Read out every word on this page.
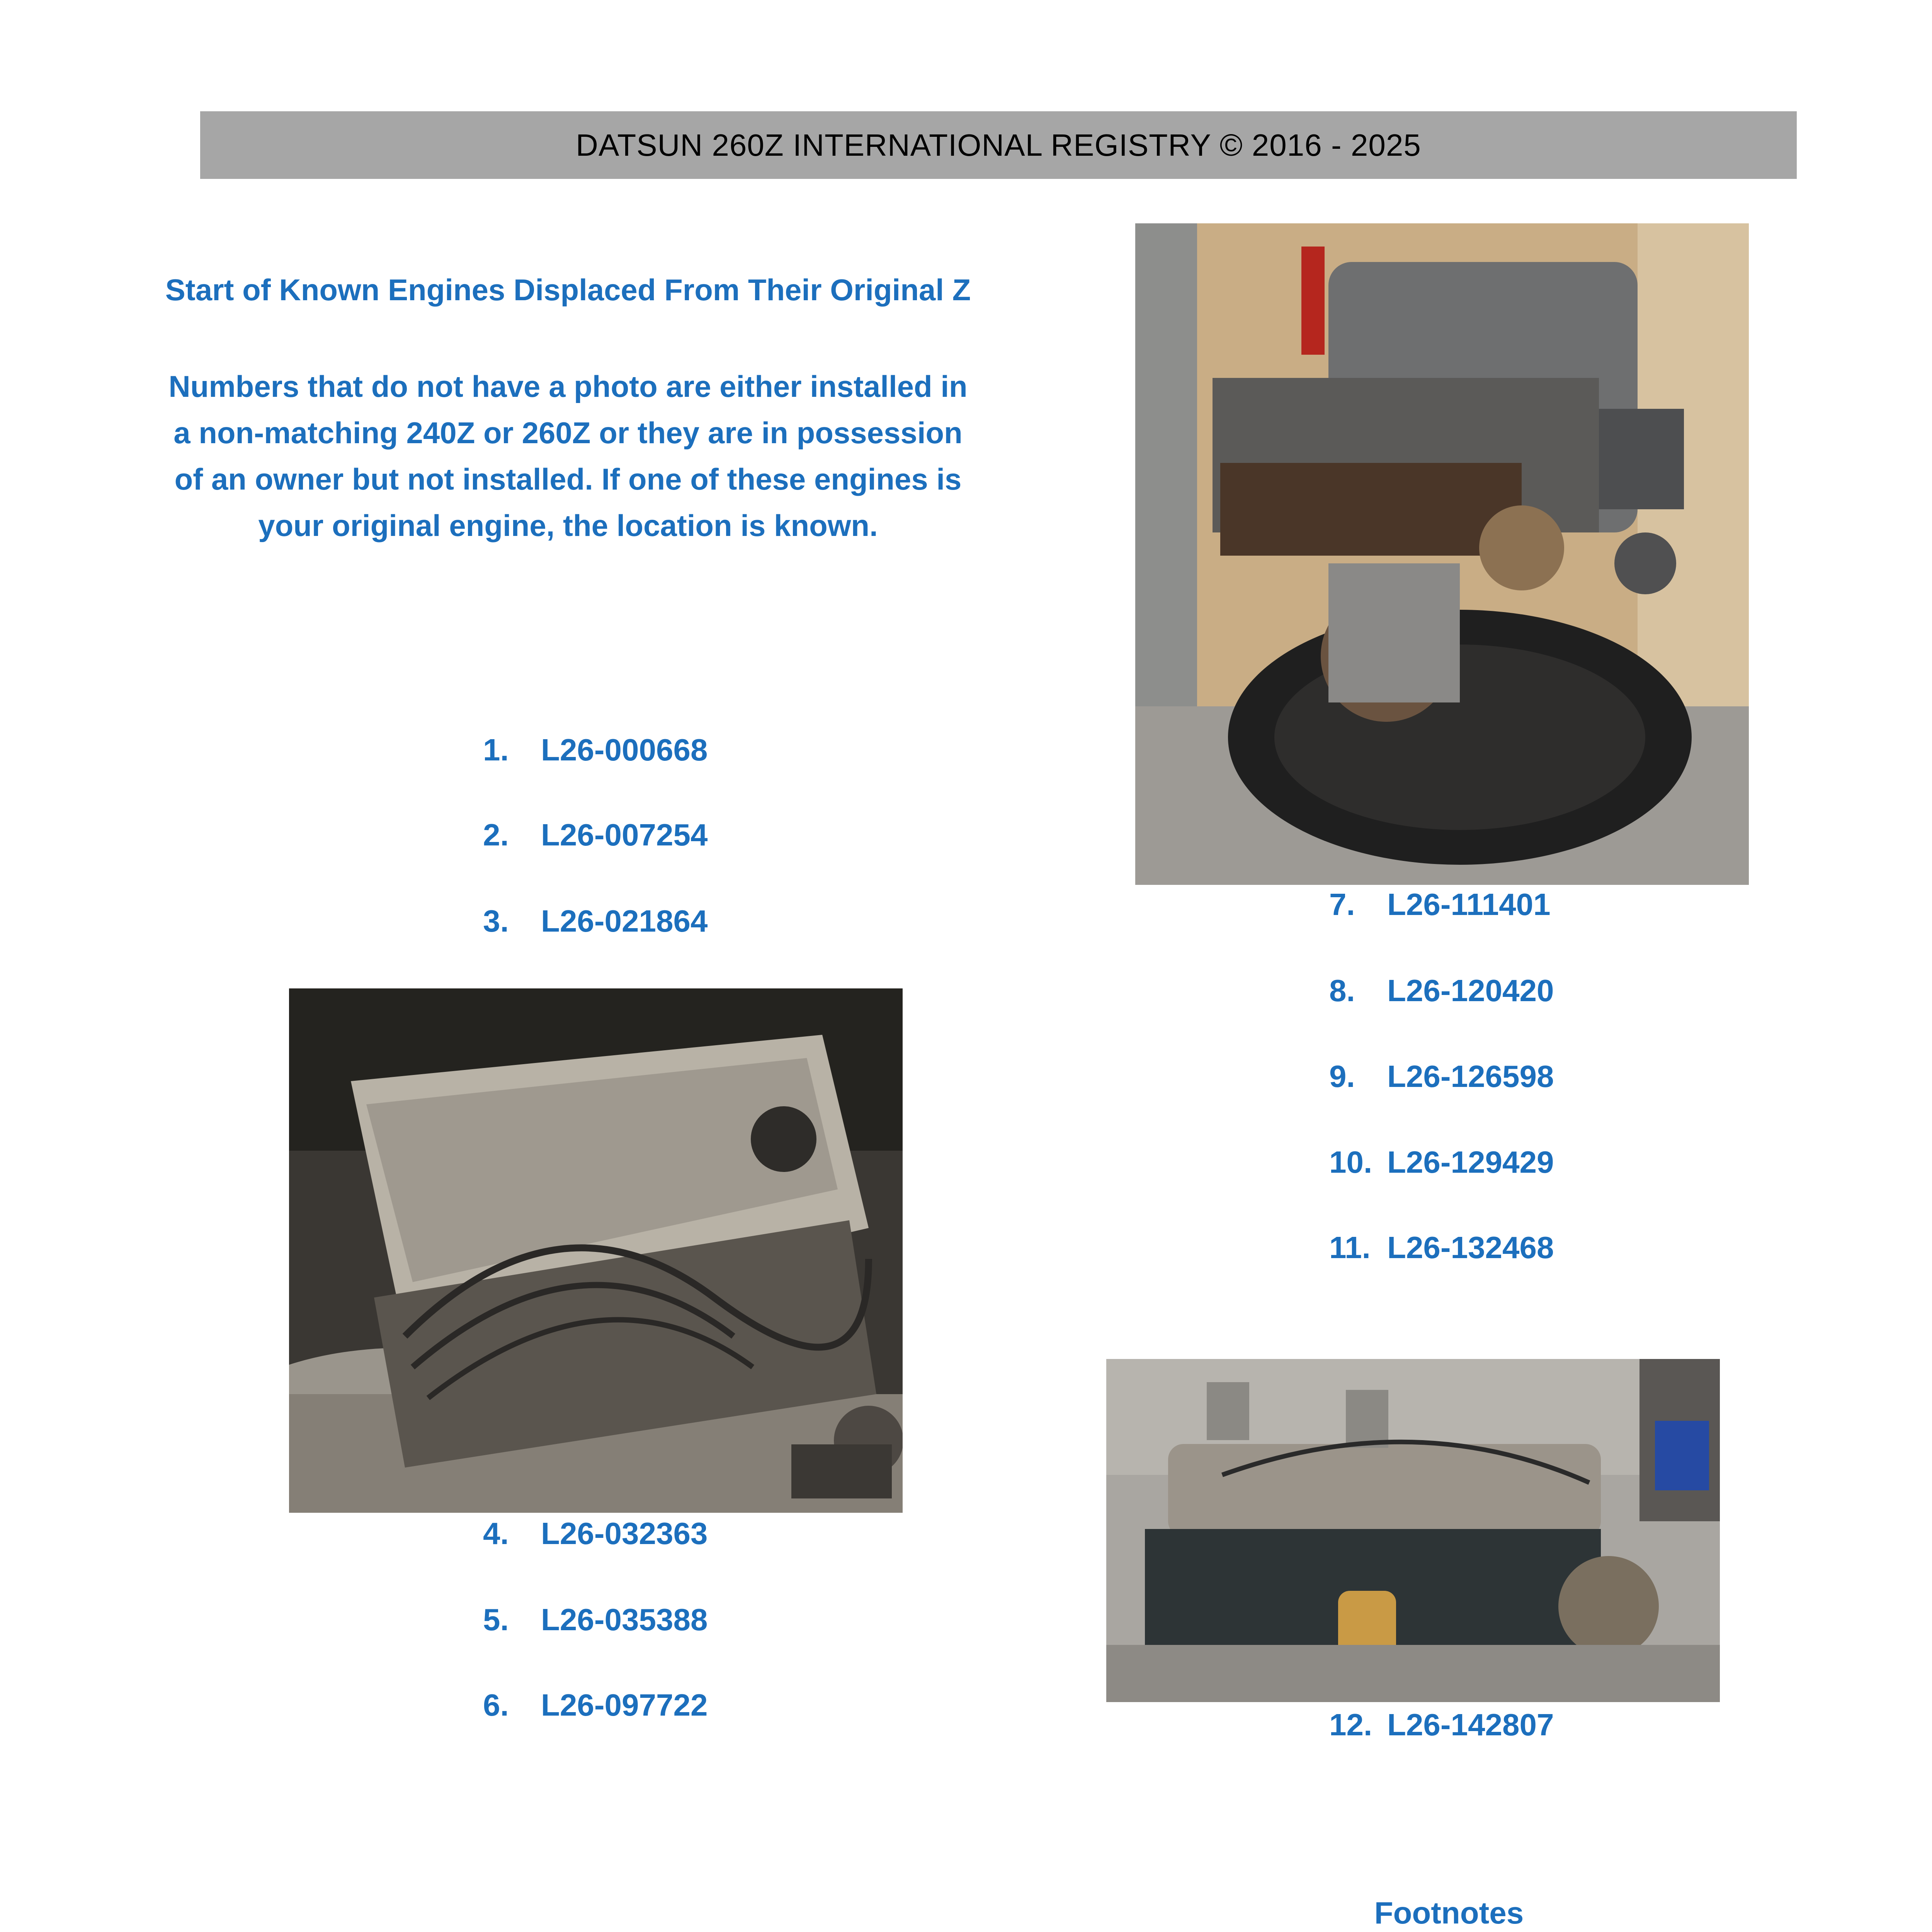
DATSUN 260Z INTERNATIONAL REGISTRY © 2016 - 2025
Start of Known Engines Displaced From Their Original Z
Numbers that do not have a photo are either installed in a non-matching 240Z or 260Z or they are in possession of an owner but not installed. If one of these engines is your original engine, the location is known.
1. L26-000668
2. L26-007254
3. L26-021864
4. L26-032363
5. L26-035388
6. L26-097722
7. L26-111401
8. L26-120420
9. L26-126598
10. L26-129429
11. L26-132468
12. L26-142807
Footnotes
